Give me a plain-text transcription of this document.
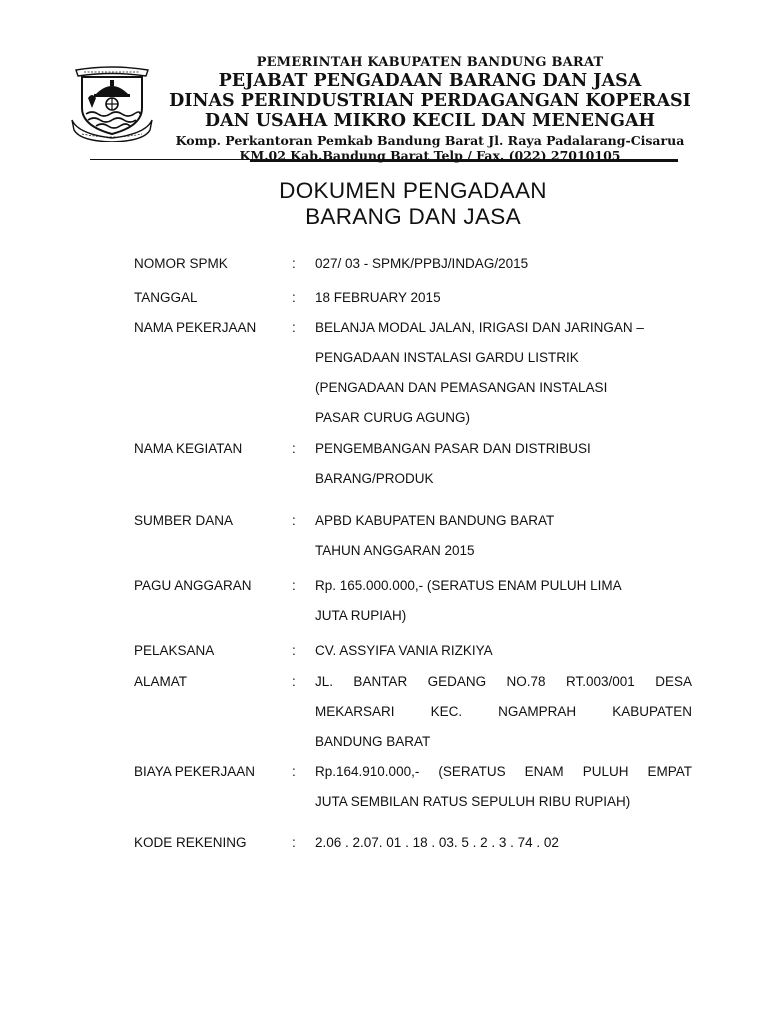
PEMERINTAH KABUPATEN BANDUNG BARAT
PEJABAT PENGADAAN BARANG DAN JASA
DINAS PERINDUSTRIAN PERDAGANGAN KOPERASI
DAN USAHA MIKRO KECIL DAN MENENGAH
Komp. Perkantoran Pemkab Bandung Barat Jl. Raya Padalarang-Cisarua
KM.02 Kab.Bandung Barat Telp / Fax. (022) 27010105
DOKUMEN PENGADAAN
BARANG DAN JASA
NOMOR SPMK	: 027/ 03 - SPMK/PPBJ/INDAG/2015
TANGGAL	: 18 FEBRUARY 2015
NAMA PEKERJAAN	: BELANJA MODAL JALAN, IRIGASI DAN JARINGAN –
PENGADAAN INSTALASI GARDU LISTRIK
(PENGADAAN DAN PEMASANGAN INSTALASI
PASAR CURUG AGUNG)
NAMA KEGIATAN	: PENGEMBANGAN PASAR DAN DISTRIBUSI
BARANG/PRODUK
SUMBER DANA	: APBD KABUPATEN BANDUNG BARAT
TAHUN ANGGARAN 2015
PAGU ANGGARAN	: Rp. 165.000.000,- (SERATUS ENAM PULUH LIMA
JUTA RUPIAH)
PELAKSANA	: CV. ASSYIFA VANIA RIZKIYA
ALAMAT	: JL. BANTAR GEDANG NO.78 RT.003/001 DESA
MEKARSARI KEC. NGAMPRAH KABUPATEN
BANDUNG BARAT
BIAYA PEKERJAAN	: Rp.164.910.000,- (SERATUS ENAM PULUH EMPAT
JUTA SEMBILAN RATUS SEPULUH RIBU RUPIAH)
KODE REKENING	: 2.06 . 2.07. 01 . 18 . 03. 5 . 2 . 3 . 74 . 02
